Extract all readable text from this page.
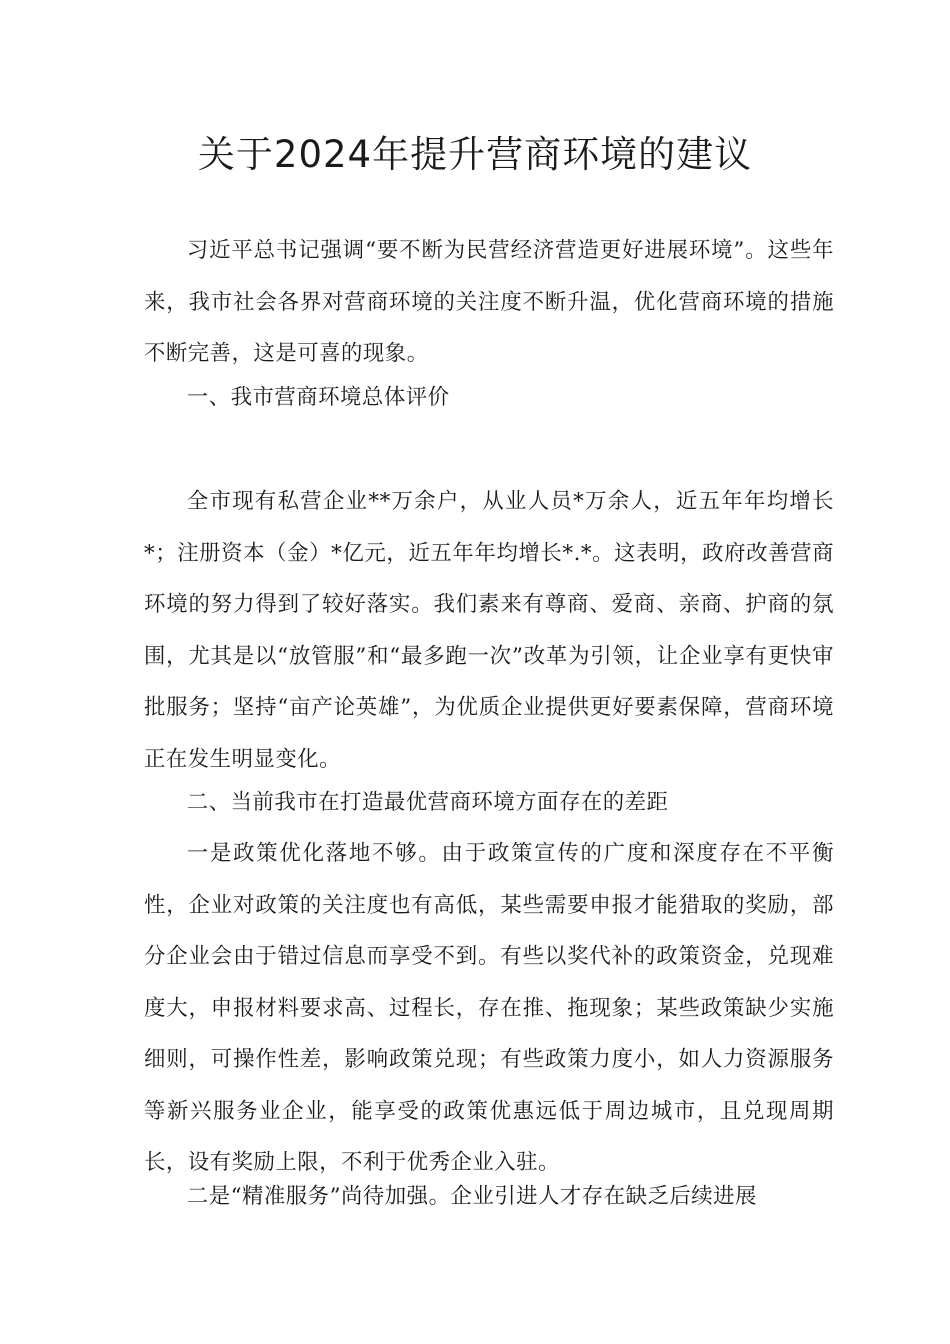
关于2024年提升营商环境的建议

习近平总书记强调“要不断为民营经济营造更好进展环境”。这些年来，我市社会各界对营商环境的关注度不断升温，优化营商环境的措施不断完善，这是可喜的现象。

一、我市营商环境总体评价

全市现有私营企业**万余户，从业人员*万余人，近五年年均增长*；注册资本（金）*亿元，近五年年均增长*.*。这表明，政府改善营商环境的努力得到了较好落实。我们素来有尊商、爱商、亲商、护商的氛围，尤其是以“放管服”和“最多跑一次”改革为引领，让企业享有更快审批服务；坚持“亩产论英雄”，为优质企业提供更好要素保障，营商环境正在发生明显变化。

二、当前我市在打造最优营商环境方面存在的差距

一是政策优化落地不够。由于政策宣传的广度和深度存在不平衡性，企业对政策的关注度也有高低，某些需要申报才能猎取的奖励，部分企业会由于错过信息而享受不到。有些以奖代补的政策资金，兑现难度大，申报材料要求高、过程长，存在推、拖现象；某些政策缺少实施细则，可操作性差，影响政策兑现；有些政策力度小，如人力资源服务等新兴服务业企业，能享受的政策优惠远低于周边城市，且兑现周期长，设有奖励上限，不利于优秀企业入驻。

二是“精准服务”尚待加强。企业引进人才存在缺乏后续进展
